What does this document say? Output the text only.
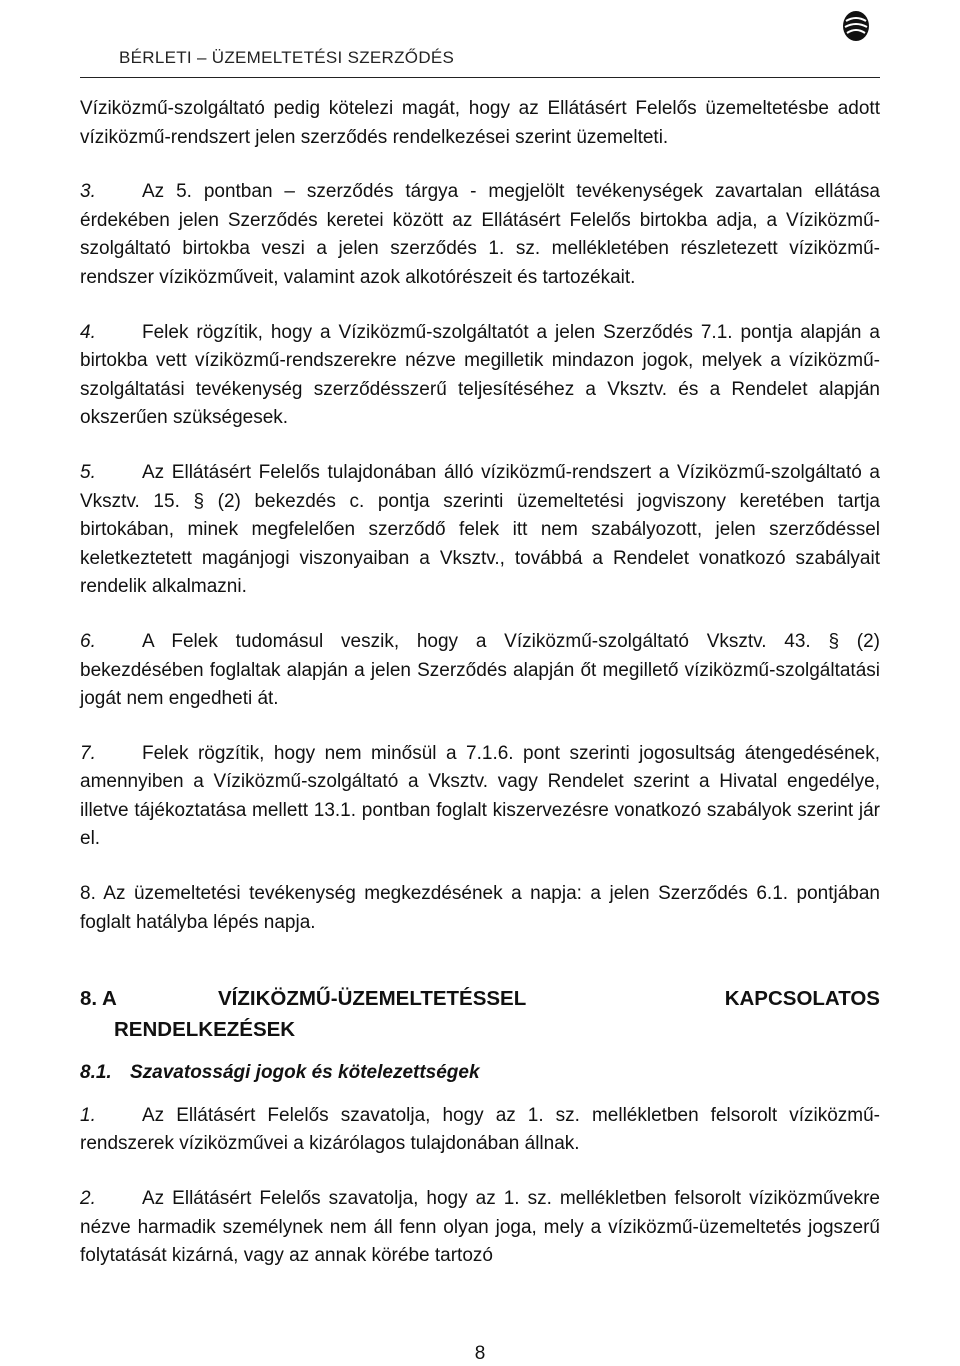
BÉRLETI – ÜZEMELTETÉSI SZERZŐDÉS

Víziközmű-szolgáltató pedig kötelezi magát, hogy az Ellátásért Felelős üzemeltetésbe adott víziközmű-rendszert jelen szerződés rendelkezései szerint üzemelteti.

3. Az 5. pontban – szerződés tárgya - megjelölt tevékenységek zavartalan ellátása érdekében jelen Szerződés keretei között az Ellátásért Felelős birtokba adja, a Víziközmű-szolgáltató birtokba veszi a jelen szerződés 1. sz. mellékletében részletezett víziközmű-rendszer víziközműveit, valamint azok alkotórészeit és tartozékait.

4. Felek rögzítik, hogy a Víziközmű-szolgáltatót a jelen Szerződés 7.1. pontja alapján a birtokba vett víziközmű-rendszerekre nézve megilletik mindazon jogok, melyek a víziközmű-szolgáltatási tevékenység szerződésszerű teljesítéséhez a Vksztv. és a Rendelet alapján okszerűen szükségesek.

5. Az Ellátásért Felelős tulajdonában álló víziközmű-rendszert a Víziközmű-szolgáltató a Vksztv. 15. § (2) bekezdés c. pontja szerinti üzemeltetési jogviszony keretében tartja birtokában, minek megfelelően szerződő felek itt nem szabályozott, jelen szerződéssel keletkeztetett magánjogi viszonyaiban a Vksztv., továbbá a Rendelet vonatkozó szabályait rendelik alkalmazni.

6. A Felek tudomásul veszik, hogy a Víziközmű-szolgáltató Vksztv. 43. § (2) bekezdésében foglaltak alapján a jelen Szerződés alapján őt megillető víziközmű-szolgáltatási jogát nem engedheti át.

7. Felek rögzítik, hogy nem minősül a 7.1.6. pont szerinti jogosultság átengedésének, amennyiben a Víziközmű-szolgáltató a Vksztv. vagy Rendelet szerint a Hivatal engedélye, illetve tájékoztatása mellett 13.1. pontban foglalt kiszervezésre vonatkozó szabályok szerint jár el.

8. Az üzemeltetési tevékenység megkezdésének a napja: a jelen Szerződés 6.1. pontjában foglalt hatályba lépés napja.

8. A	VÍZIKÖZMŰ-ÜZEMELTETÉSSEL	KAPCSOLATOS
RENDELKEZÉSEK

8.1. Szavatossági jogok és kötelezettségek

1. Az Ellátásért Felelős szavatolja, hogy az 1. sz. mellékletben felsorolt víziközmű-rendszerek víziközművei a kizárólagos tulajdonában állnak.

2. Az Ellátásért Felelős szavatolja, hogy az 1. sz. mellékletben felsorolt víziközművekre nézve harmadik személynek nem áll fenn olyan joga, mely a víziközmű-üzemeltetés jogszerű folytatását kizárná, vagy az annak körébe tartozó

8
